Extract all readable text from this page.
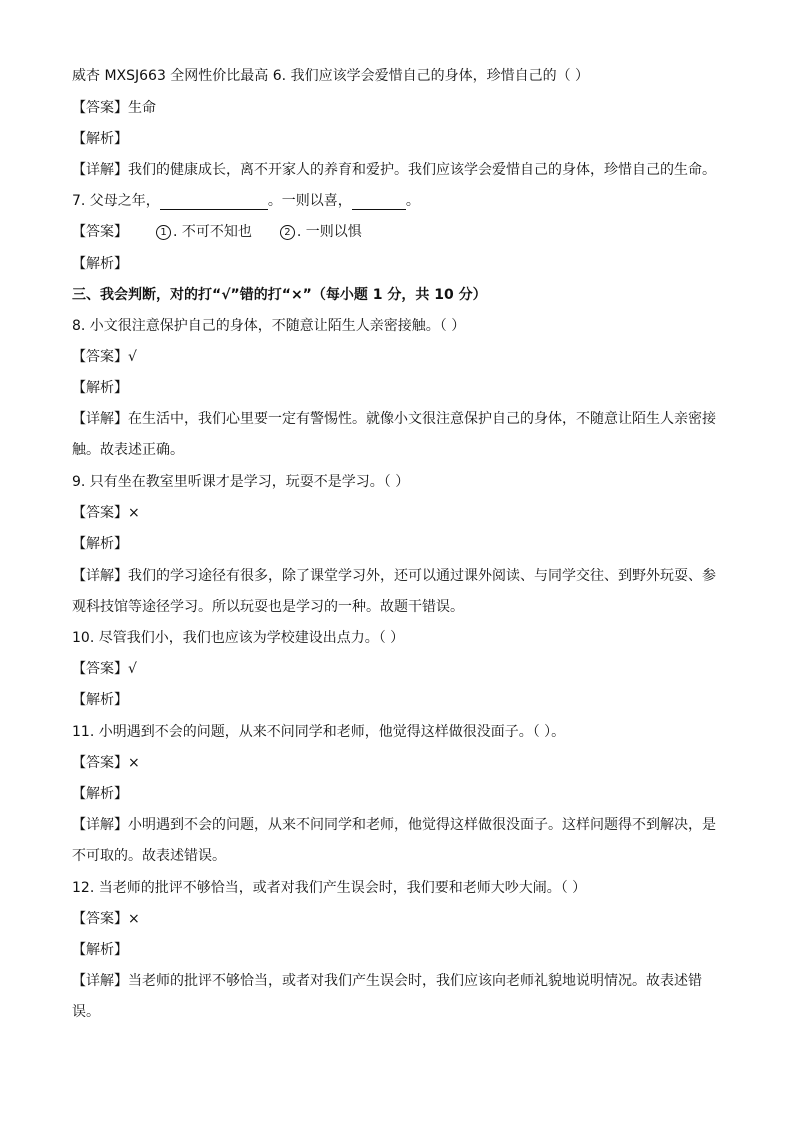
威杏 MXSJ663 全网性价比最高 6. 我们应该学会爱惜自己的身体，珍惜自己的（ ）
【答案】生命
【解析】
【详解】我们的健康成长，离不开家人的养育和爱护。我们应该学会爱惜自己的身体，珍惜自己的生命。
7. 父母之年，	。一则以喜，	。
【答案】	1 . 不可不知也	2 . 一则以惧
【解析】
三、我会判断，对的打“√”错的打“×”（每小题 1 分，共 10 分）
8. 小文很注意保护自己的身体，不随意让陌生人亲密接触。（ ）
【答案】√
【解析】
【详解】在生活中，我们心里要一定有警惕性。就像小文很注意保护自己的身体，不随意让陌生人亲密接触。故表述正确。
9. 只有坐在教室里听课才是学习，玩耍不是学习。（ ）
【答案】×
【解析】
【详解】我们的学习途径有很多，除了课堂学习外，还可以通过课外阅读、与同学交往、到野外玩耍、参观科技馆等途径学习。所以玩耍也是学习的一种。故题干错误。
10. 尽管我们小，我们也应该为学校建设出点力。（ ）
【答案】√
【解析】
11. 小明遇到不会的问题，从来不问同学和老师，他觉得这样做很没面子。（ ）。
【答案】×
【解析】
【详解】小明遇到不会的问题，从来不问同学和老师，他觉得这样做很没面子。这样问题得不到解决，是不可取的。故表述错误。
12. 当老师的批评不够恰当，或者对我们产生误会时，我们要和老师大吵大闹。（ ）
【答案】×
【解析】
【详解】当老师的批评不够恰当，或者对我们产生误会时，我们应该向老师礼貌地说明情况。故表述错误。
